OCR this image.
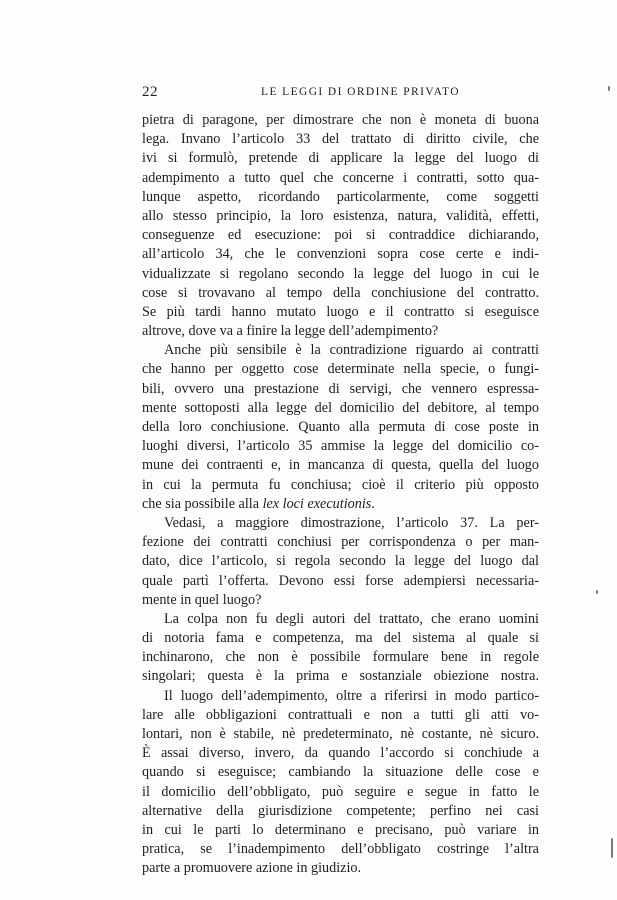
22	LE LEGGI DI ORDINE PRIVATO
pietra di paragone, per dimostrare che non è moneta di buona
lega. Invano l’articolo 33 del trattato di diritto civile, che
ivi si formulò, pretende di applicare la legge del luogo di
adempimento a tutto quel che concerne i contratti, sotto qua-
lunque aspetto, ricordando particolarmente, come soggetti
allo stesso principio, la loro esistenza, natura, validità, effetti,
conseguenze ed esecuzione: poi si contraddice dichiarando,
all’articolo 34, che le convenzioni sopra cose certe e indi-
vidualizzate si regolano secondo la legge del luogo in cui le
cose si trovavano al tempo della conchiusione del contratto.
Se più tardi hanno mutato luogo e il contratto si eseguisce
altrove, dove va a finire la legge dell’adempimento?
Anche più sensibile è la contradizione riguardo ai contratti
che hanno per oggetto cose determinate nella specie, o fungi-
bili, ovvero una prestazione di servigi, che vennero espressa-
mente sottoposti alla legge del domicilio del debitore, al tempo
della loro conchiusione. Quanto alla permuta di cose poste in
luoghi diversi, l’articolo 35 ammise la legge del domicilio co-
mune dei contraenti e, in mancanza di questa, quella del luogo
in cui la permuta fu conchiusa; cioè il criterio più opposto
che sia possibile alla lex loci executionis.
Vedasi, a maggiore dimostrazione, l’articolo 37. La per-
fezione dei contratti conchiusi per corrispondenza o per man-
dato, dice l’articolo, si regola secondo la legge del luogo dal
quale partì l’offerta. Devono essi forse adempiersi necessaria-
mente in quel luogo?
La colpa non fu degli autori del trattato, che erano uomini
di notoria fama e competenza, ma del sistema al quale si
inchinarono, che non è possibile formulare bene in regole
singolari; questa è la prima e sostanziale obiezione nostra.
Il luogo dell’adempimento, oltre a riferirsi in modo partico-
lare alle obbligazioni contrattuali e non a tutti gli atti vo-
lontari, non è stabile, nè predeterminato, nè costante, nè sicuro.
È assai diverso, invero, da quando l’accordo si conchiude a
quando si eseguisce; cambiando la situazione delle cose e
il domicilio dell’obbligato, può seguire e segue in fatto le
alternative della giurisdizione competente; perfino nei casi
in cui le parti lo determinano e precisano, può variare in
pratica, se l’inadempimento dell’obbligato costringe l’altra
parte a promuovere azione in giudizio.
